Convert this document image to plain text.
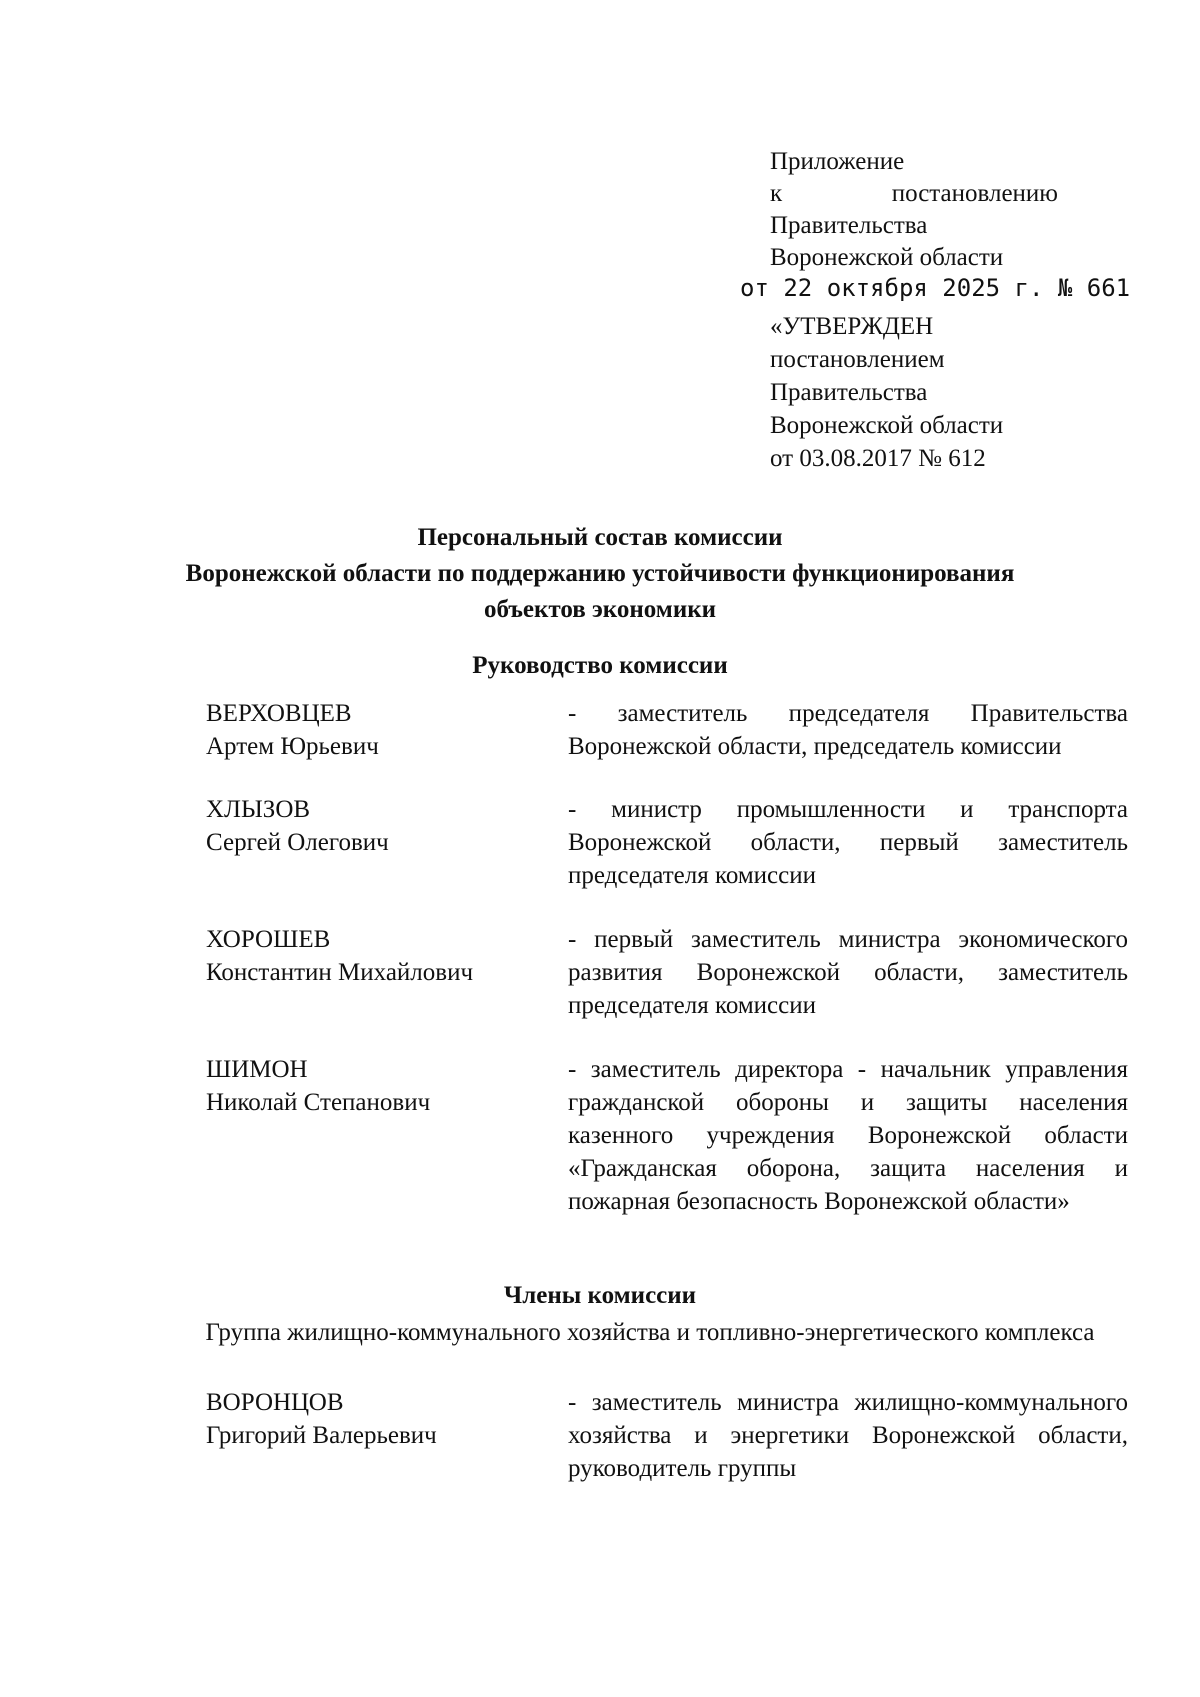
Приложение
к	постановлению
Правительства
Воронежской области
от 22 октября 2025 г. № 661
«УТВЕРЖДЕН
постановлением
Правительства
Воронежской области
от 03.08.2017 № 612
Персональный состав комиссии
Воронежской области по поддержанию устойчивости функционирования
объектов экономики
Руководство комиссии
ВЕРХОВЦЕВ
Артем Юрьевич
- заместитель председателя Правительства Воронежской области, председатель комиссии
ХЛЫЗОВ
Сергей Олегович
- министр промышленности и транспорта Воронежской области, первый заместитель председателя комиссии
ХОРОШЕВ
Константин Михайлович
- первый заместитель министра экономического развития Воронежской области, заместитель председателя комиссии
ШИМОН
Николай Степанович
- заместитель директора - начальник управления гражданской обороны и защиты населения казенного учреждения Воронежской области «Гражданская оборона, защита населения и пожарная безопасность Воронежской области»
Члены комиссии
Группа жилищно-коммунального хозяйства и топливно-энергетического комплекса
ВОРОНЦОВ
Григорий Валерьевич
- заместитель министра жилищно-коммунального хозяйства и энергетики Воронежской области, руководитель группы
